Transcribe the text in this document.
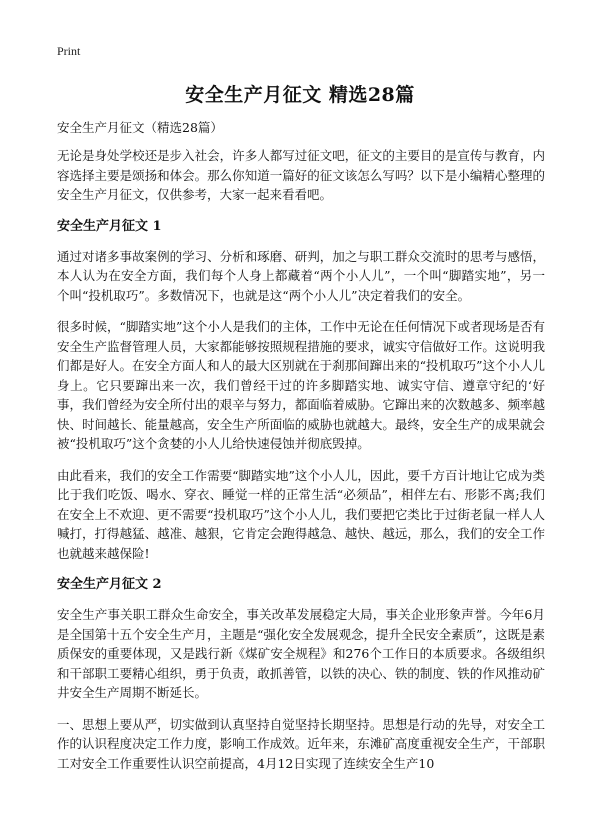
Print
安全生产月征文 精选28篇
安全生产月征文（精选28篇）

无论是身处学校还是步入社会，许多人都写过征文吧，征文的主要目的是宣传与教育，内容选择主要是颂扬和体会。那么你知道一篇好的征文该怎么写吗？以下是小编精心整理的安全生产月征文，仅供参考，大家一起来看看吧。

安全生产月征文 1

通过对诸多事故案例的学习、分析和琢磨、研判，加之与职工群众交流时的思考与感悟，本人认为在安全方面，我们每个人身上都藏着“两个小人儿”，一个叫“脚踏实地”，另一个叫“投机取巧”。多数情况下，也就是这“两个小人儿”决定着我们的安全。

很多时候，“脚踏实地”这个小人是我们的主体，工作中无论在任何情况下或者现场是否有安全生产监督管理人员，大家都能够按照规程措施的要求，诚实守信做好工作。这说明我们都是好人。在安全方面人和人的最大区别就在于刹那间蹿出来的“投机取巧”这个小人儿身上。它只要蹿出来一次，我们曾经干过的许多脚踏实地、诚实守信、遵章守纪的‘好事，我们曾经为安全所付出的艰辛与努力，都面临着威胁。它蹿出来的次数越多、频率越快、时间越长、能量越高，安全生产所面临的威胁也就越大。最终，安全生产的成果就会被“投机取巧”这个贪婪的小人儿给快速侵蚀并彻底毁掉。

由此看来，我们的安全工作需要“脚踏实地”这个小人儿，因此，要千方百计地让它成为类比于我们吃饭、喝水、穿衣、睡觉一样的正常生活“必须品”，相伴左右、形影不离;我们在安全上不欢迎、更不需要“投机取巧”这个小人儿，我们要把它类比于过街老鼠一样人人喊打，打得越猛、越准、越狠，它肯定会跑得越急、越快、越远，那么，我们的安全工作也就越来越保险!

安全生产月征文 2

安全生产事关职工群众生命安全，事关改革发展稳定大局，事关企业形象声誉。今年6月是全国第十五个安全生产月，主题是“强化安全发展观念，提升全民安全素质”，这既是素质保安的重要体现，又是践行新《煤矿安全规程》和276个工作日的本质要求。各级组织和干部职工要精心组织，勇于负责，敢抓善管，以铁的决心、铁的制度、铁的作风推动矿井安全生产周期不断延长。

一、思想上要从严，切实做到认真坚持自觉坚持长期坚持。思想是行动的先导，对安全工作的认识程度决定工作力度，影响工作成效。近年来，东滩矿高度重视安全生产，干部职工对安全工作重要性认识空前提高，4月12日实现了连续安全生产10
